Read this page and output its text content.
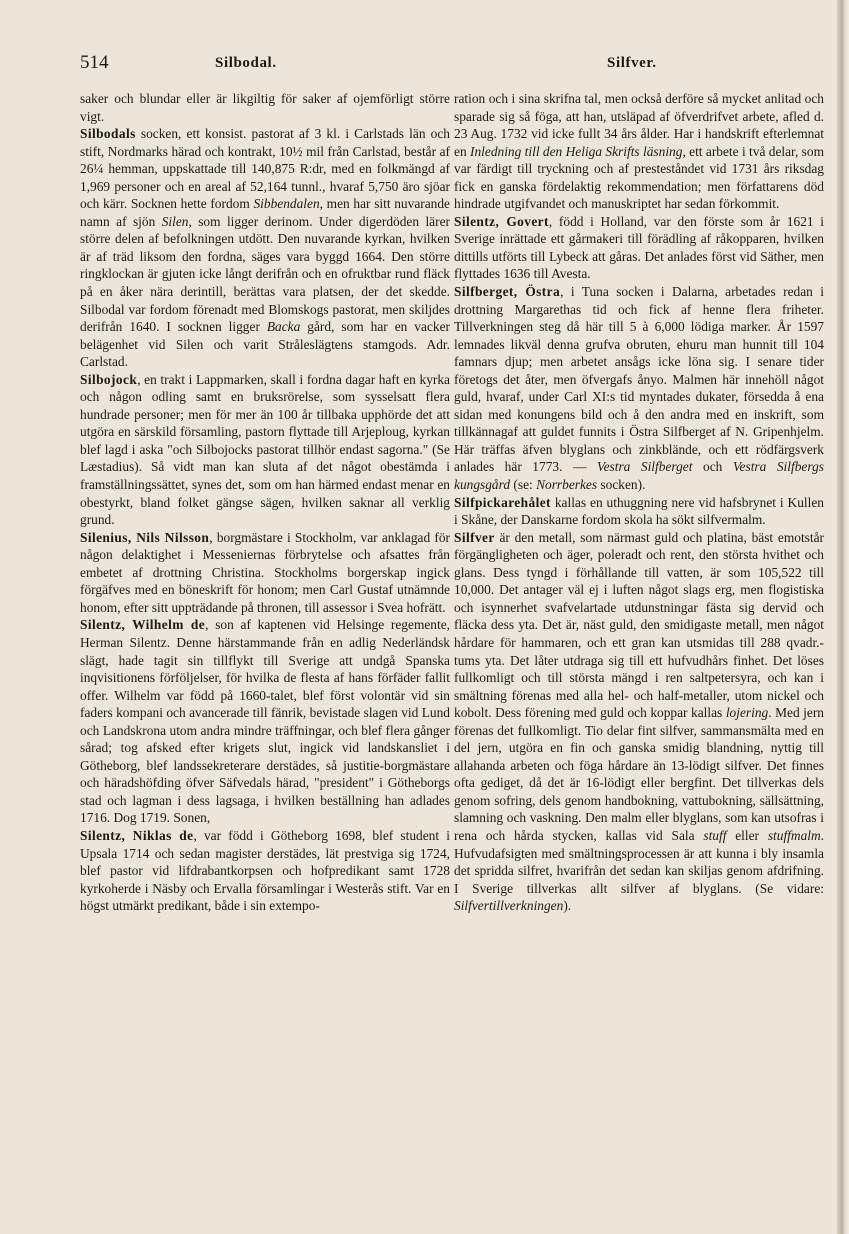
514	Silbodal.	Silfver.

saker och blundar eller är likgiltig för saker af ojemförligt större vigt.

Silbodals socken, ett konsist. pastorat af 3 kl. i Carlstads län och stift, Nordmarks härad och kontrakt, 10½ mil från Carlstad, består af 26¼ hemman, uppskattade till 140,875 R:dr, med en folkmängd af 1,969 personer och en areal af 52,164 tunnl., hvaraf 5,750 äro sjöar och kärr. Socknen hette fordom Sibbendalen, men har sitt nuvarande namn af sjön Silen, som ligger derinom. Under digerdöden lärer större delen af befolkningen utdött. Den nuvarande kyrkan, hvilken är af träd liksom den fordna, säges vara byggd 1664. Den större ringklockan är gjuten icke långt derifrån och en ofruktbar rund fläck på en åker nära derintill, berättas vara platsen, der det skedde. Silbodal var fordom förenadt med Blomskogs pastorat, men skiljdes derifrån 1640. I socknen ligger Backa gård, som har en vacker belägenhet vid Silen och varit Stråleslägtens stamgods. Adr. Carlstad.

Silbojock, en trakt i Lappmarken, skall i fordna dagar haft en kyrka och någon odling samt en bruksrörelse, som sysselsatt flera hundrade personer; men för mer än 100 år tillbaka upphörde det att utgöra en särskild församling, pastorn flyttade till Arjeploug, kyrkan blef lagd i aska "och Silbojocks pastorat tillhör endast sagorna." (Se Læstadius). Så vidt man kan sluta af det något obestämda i framställningssättet, synes det, som om han härmed endast menar en obestyrkt, bland folket gängse sägen, hvilken saknar all verklig grund.

Silenius, Nils Nilsson, borgmästare i Stockholm, var anklagad för någon delaktighet i Messeniernas förbrytelse och afsattes från embetet af drottning Christina. Stockholms borgerskap ingick förgäfves med en böneskrift för honom; men Carl Gustaf utnämnde honom, efter sitt uppträdande på thronen, till assessor i Svea hofrätt.

Silentz, Wilhelm de, son af kaptenen vid Helsinge regemente, Herman Silentz. Denne härstammande från en adlig Nederländsk slägt, hade tagit sin tillflykt till Sverige att undgå Spanska inqvisitionens förföljelser, för hvilka de flesta af hans förfäder fallit offer. Wilhelm var född på 1660-talet, blef först volontär vid sin faders kompani och avancerade till fänrik, bevistade slagen vid Lund och Landskrona utom andra mindre träffningar, och blef flera gånger sårad; tog afsked efter krigets slut, ingick vid landskansliet i Götheborg, blef landssekreterare derstädes, så justitie-borgmästare och häradshöfding öfver Säfvedals härad, "president" i Götheborgs stad och lagman i dess lagsaga, i hvilken beställning han adlades 1716. Dog 1719. Sonen,

Silentz, Niklas de, var född i Götheborg 1698, blef student i Upsala 1714 och sedan magister derstädes, lät prestviga sig 1724, blef pastor vid lifdrabantkorpsen och hofpredikant samt 1728 kyrkoherde i Näsby och Ervalla församlingar i Westerås stift. Var en högst utmärkt predikant, både i sin extempo-

ration och i sina skrifna tal, men också derföre så mycket anlitad och sparade sig så föga, att han, utsläpad af öfverdrifvet arbete, afled d. 23 Aug. 1732 vid icke fullt 34 års ålder. Har i handskrift efterlemnat en Inledning till den Heliga Skrifts läsning, ett arbete i två delar, som var färdigt till tryckning och af presteståndet vid 1731 års riksdag fick en ganska fördelaktig rekommendation; men författarens död hindrade utgifvandet och manuskriptet har sedan förkommit.

Silentz, Govert, född i Holland, var den förste som år 1621 i Sverige inrättade ett gårmakeri till förädling af råkopparen, hvilken dittills utförts till Lybeck att gåras. Det anlades först vid Säther, men flyttades 1636 till Avesta.

Silfberget, Östra, i Tuna socken i Dalarna, arbetades redan i drottning Margarethas tid och fick af henne flera friheter. Tillverkningen steg då här till 5 à 6,000 lödiga marker. År 1597 lemnades likväl denna grufva obruten, ehuru man hunnit till 104 famnars djup; men arbetet ansågs icke löna sig. I senare tider företogs det åter, men öfvergafs ånyo. Malmen här innehöll något guld, hvaraf, under Carl XI:s tid myntades dukater, försedda å ena sidan med konungens bild och å den andra med en inskrift, som tillkännagaf att guldet funnits i Östra Silfberget af N. Gripenhjelm. Här träffas äfven blyglans och zinkblände, och ett rödfärgsverk anlades här 1773. — Vestra Silfberget och Vestra Silfbergs kungsgård (se: Norrberkes socken).

Silfpickarehålet kallas en uthuggning nere vid hafsbrynet i Kullen i Skåne, der Danskarne fordom skola ha sökt silfvermalm.

Silfver är den metall, som närmast guld och platina, bäst emotstår förgängligheten och äger, poleradt och rent, den största hvithet och glans. Dess tyngd i förhållande till vatten, är som 105,522 till 10,000. Det antager väl ej i luften något slags erg, men flogistiska och isynnerhet svafvelartade utdunstningar fästa sig dervid och fläcka dess yta. Det är, näst guld, den smidigaste metall, men något hårdare för hammaren, och ett gran kan utsmidas till 288 qvadr.-tums yta. Det låter utdraga sig till ett hufvudhårs finhet. Det löses fullkomligt och till största mängd i ren saltpetersyra, och kan i smältning förenas med alla hel- och half-metaller, utom nickel och kobolt. Dess förening med guld och koppar kallas lojering. Med jern förenas det fullkomligt. Tio delar fint silfver, sammansmälta med en del jern, utgöra en fin och ganska smidig blandning, nyttig till allahanda arbeten och föga hårdare än 13-lödigt silfver. Det finnes ofta gediget, då det är 16-lödigt eller bergfint. Det tillverkas dels genom sofring, dels genom handbokning, vattubokning, sällsättning, slamning och vaskning. Den malm eller blyglans, som kan utsofras i rena och hårda stycken, kallas vid Sala stuff eller stuffmalm. Hufvudafsigten med smältningsprocessen är att kunna i bly insamla det spridda silfret, hvarifrån det sedan kan skiljas genom afdrifning. I Sverige tillverkas allt silfver af blyglans. (Se vidare: Silfvertillverkningen).
